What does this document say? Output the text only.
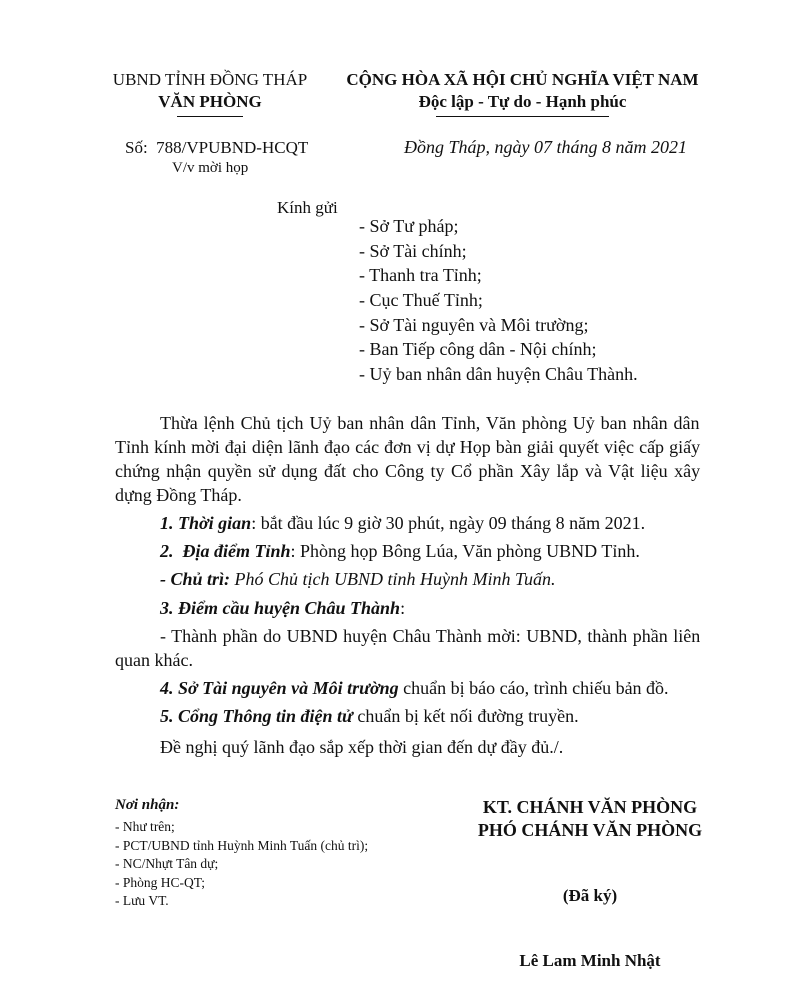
UBND TỈNH ĐỒNG THÁP
VĂN PHÒNG
CỘNG HÒA XÃ HỘI CHỦ NGHĨA VIỆT NAM
Độc lập - Tự do - Hạnh phúc
Số:  788/VPUBND-HCQT
V/v mời họp
Đồng Tháp, ngày 07 tháng 8 năm 2021
Kính gửi
- Sở Tư pháp;
- Sở Tài chính;
- Thanh tra Tỉnh;
- Cục Thuế Tỉnh;
- Sở Tài nguyên và Môi trường;
- Ban Tiếp công dân - Nội chính;
- Uỷ ban nhân dân huyện Châu Thành.
Thừa lệnh Chủ tịch Uỷ ban nhân dân Tỉnh, Văn phòng Uỷ ban nhân dân
Tỉnh kính mời đại diện lãnh đạo các đơn vị dự Họp bàn giải quyết việc cấp giấy
chứng nhận quyền sử dụng đất cho Công ty Cổ phần Xây lắp và Vật liệu xây
dựng Đồng Tháp.
1. Thời gian: bắt đầu lúc 9 giờ 30 phút, ngày 09 tháng 8 năm 2021.
2.  Địa điểm Tỉnh: Phòng họp Bông Lúa, Văn phòng UBND Tỉnh.
- Chủ trì: Phó Chủ tịch UBND tỉnh Huỳnh Minh Tuấn.
3. Điểm cầu huyện Châu Thành:
- Thành phần do UBND huyện Châu Thành mời: UBND, thành phần liên
quan khác.
4. Sở Tài nguyên và Môi trường chuẩn bị báo cáo, trình chiếu bản đồ.
5. Cổng Thông tin điện tử chuẩn bị kết nối đường truyền.
Đề nghị quý lãnh đạo sắp xếp thời gian đến dự đầy đủ./.
Nơi nhận:
- Như trên;
- PCT/UBND tỉnh Huỳnh Minh Tuấn (chủ trì);
- NC/Nhựt Tân dự;
- Phòng HC-QT;
- Lưu VT.
KT. CHÁNH VĂN PHÒNG
PHÓ CHÁNH VĂN PHÒNG
(Đã ký)
Lê Lam Minh Nhật
